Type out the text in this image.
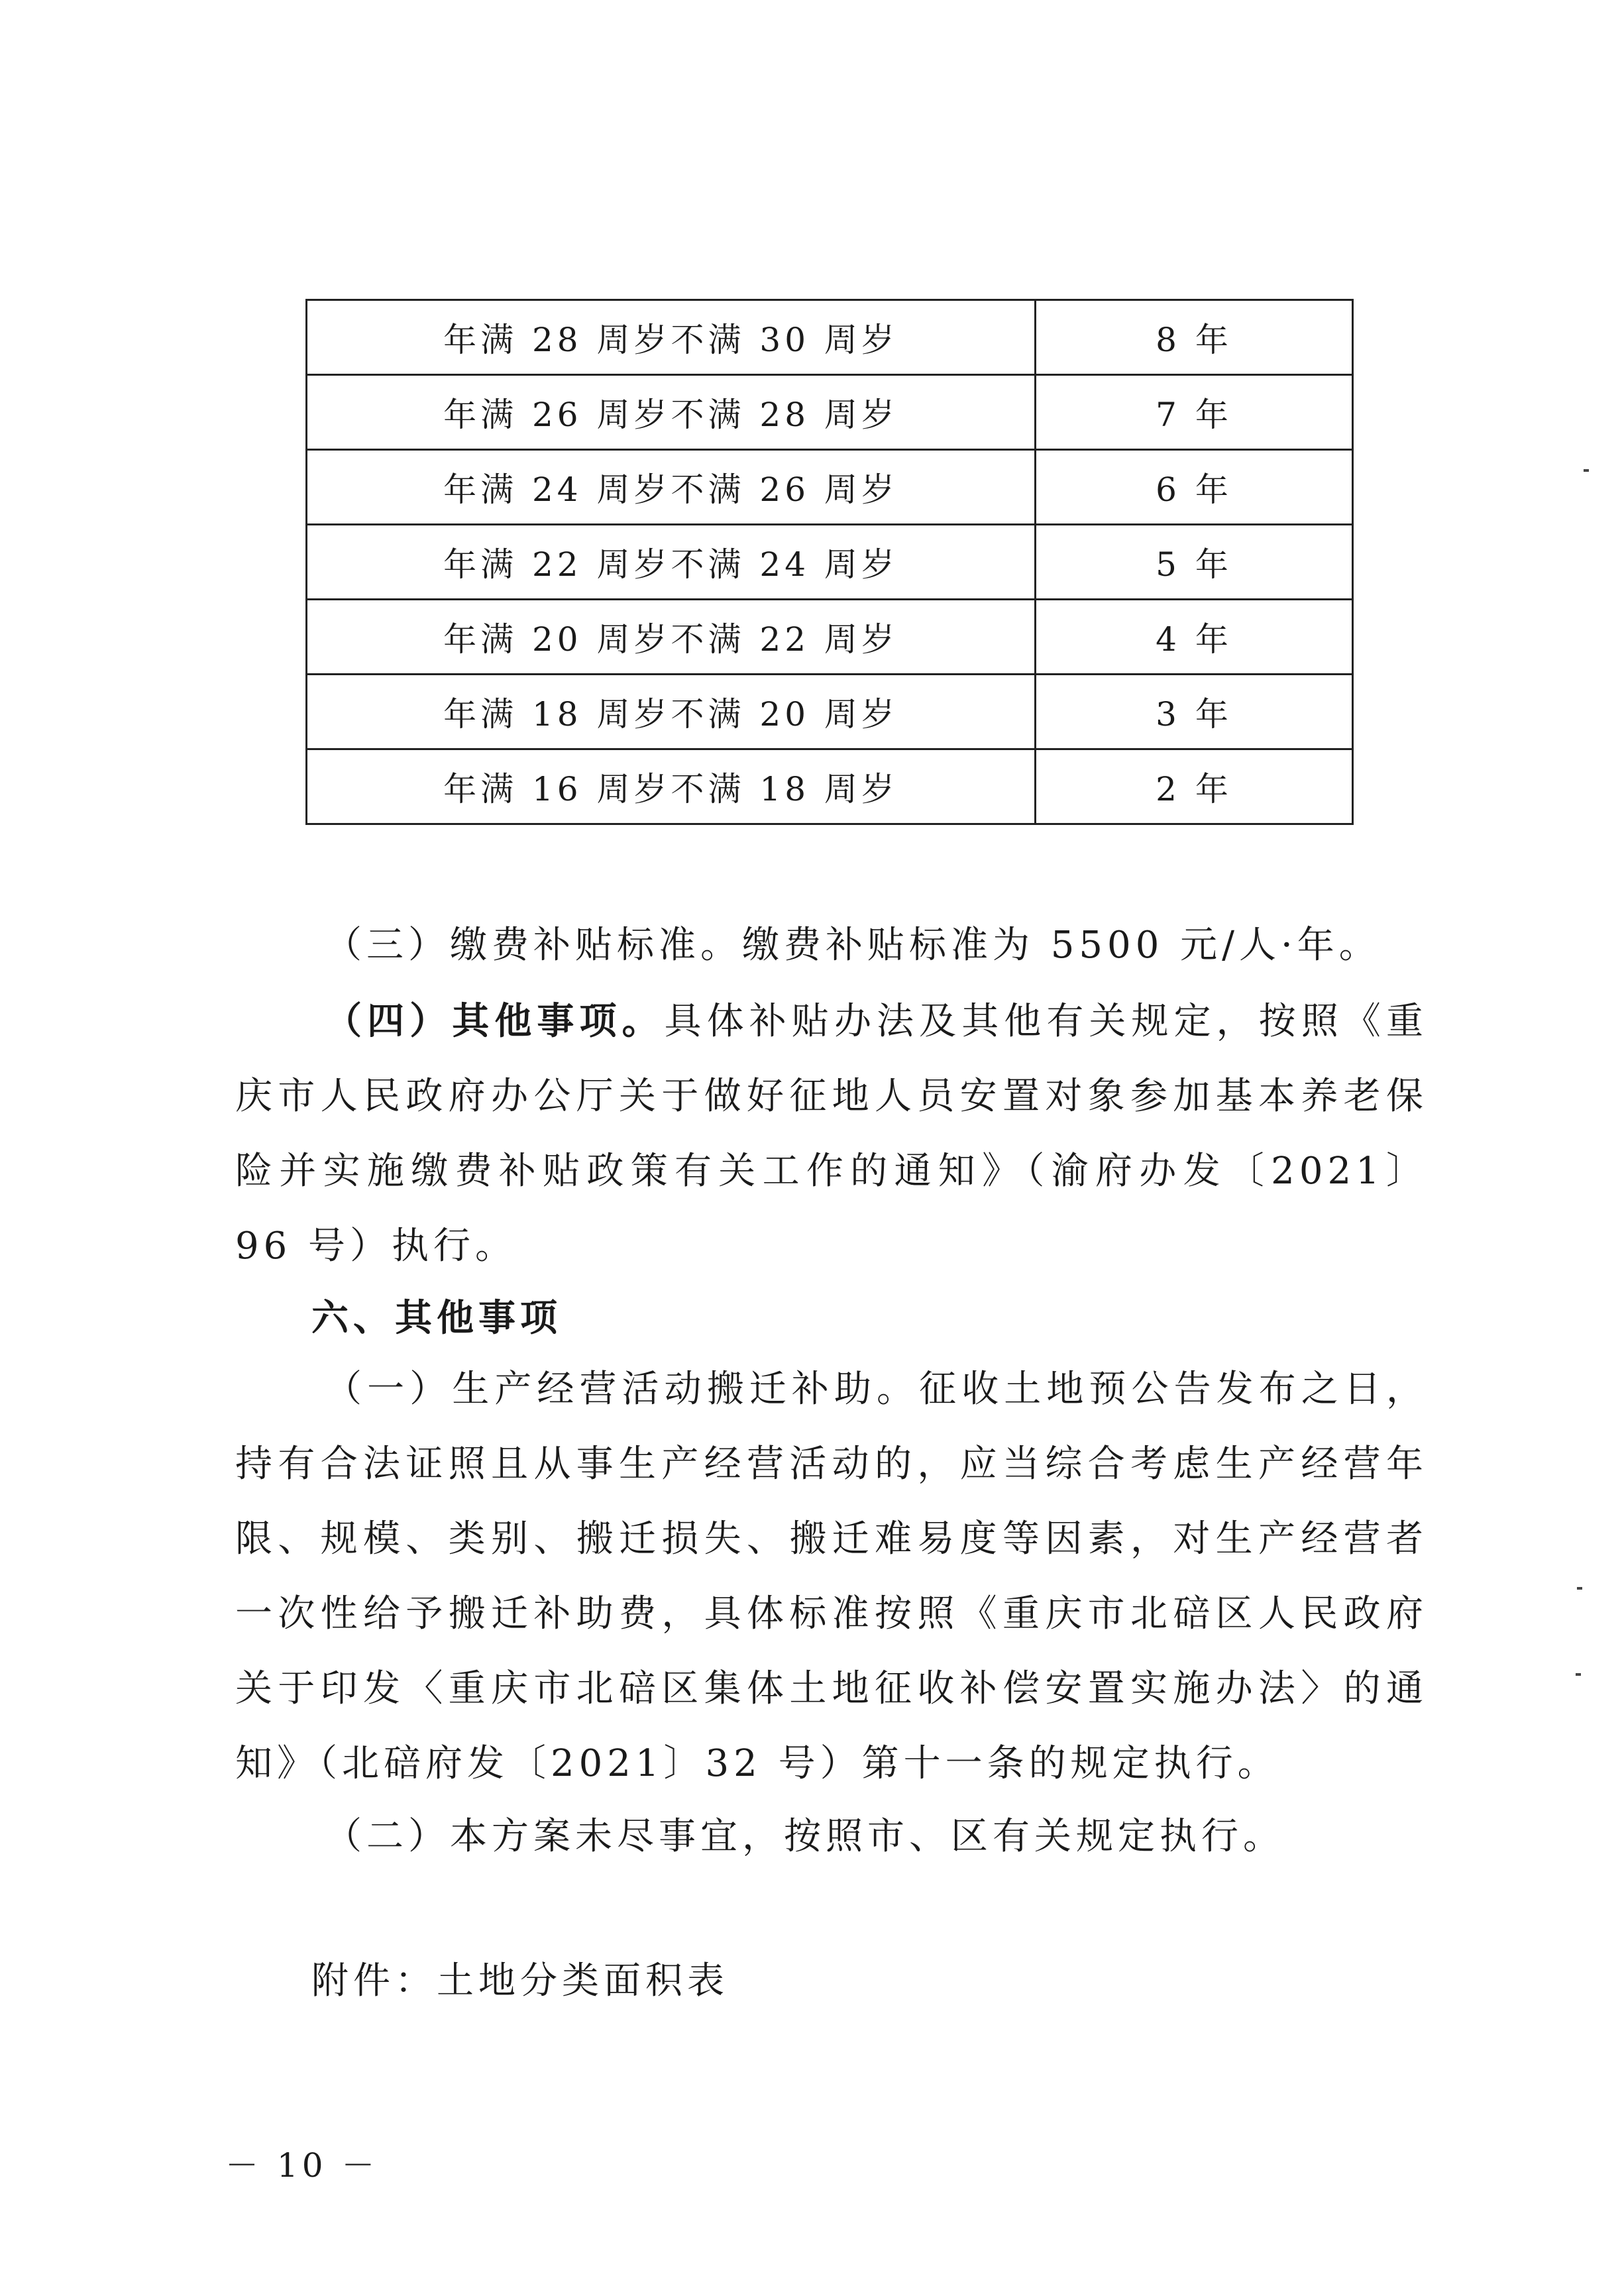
年满 28 周岁不满 30 周岁	8 年
年满 26 周岁不满 28 周岁	7 年
年满 24 周岁不满 26 周岁	6 年
年满 22 周岁不满 24 周岁	5 年
年满 20 周岁不满 22 周岁	4 年
年满 18 周岁不满 20 周岁	3 年
年满 16 周岁不满 18 周岁	2 年

（三）缴费补贴标准。缴费补贴标准为 5500 元/人·年。

（四）其他事项。具体补贴办法及其他有关规定，按照《重庆市人民政府办公厅关于做好征地人员安置对象参加基本养老保险并实施缴费补贴政策有关工作的通知》（渝府办发〔2021〕96 号）执行。

六、其他事项

（一）生产经营活动搬迁补助。征收土地预公告发布之日，持有合法证照且从事生产经营活动的，应当综合考虑生产经营年限、规模、类别、搬迁损失、搬迁难易度等因素，对生产经营者一次性给予搬迁补助费，具体标准按照《重庆市北碚区人民政府关于印发〈重庆市北碚区集体土地征收补偿安置实施办法〉的通知》（北碚府发〔2021〕32 号）第十一条的规定执行。

（二）本方案未尽事宜，按照市、区有关规定执行。

附件：土地分类面积表
－ 10 －
